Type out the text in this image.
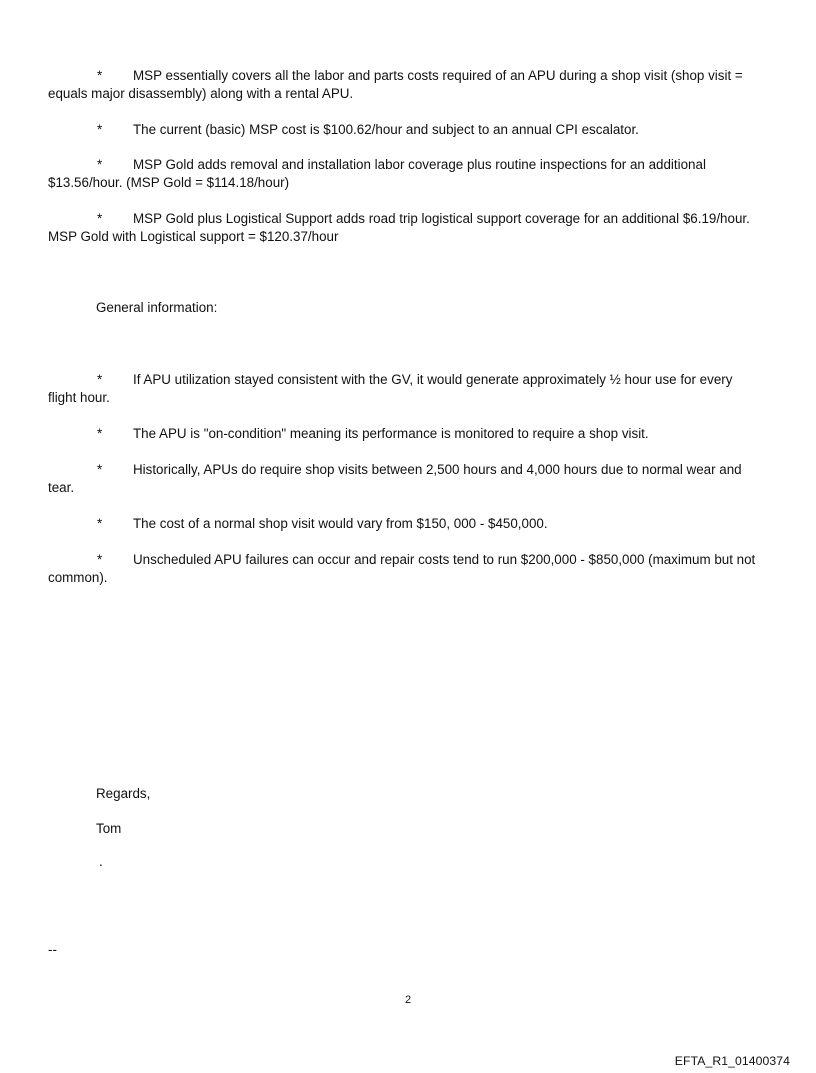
* MSP essentially covers all the labor and parts costs required of an APU during a shop visit (shop visit =
equals major disassembly) along with a rental APU.

* The current (basic) MSP cost is $100.62/hour and subject to an annual CPI escalator.

* MSP Gold adds removal and installation labor coverage plus routine inspections for an additional
$13.56/hour. (MSP Gold = $114.18/hour)

* MSP Gold plus Logistical Support adds road trip logistical support coverage for an additional $6.19/hour.
MSP Gold with Logistical support = $120.37/hour

General information:

* If APU utilization stayed consistent with the GV, it would generate approximately ½ hour use for every
flight hour.

* The APU is "on-condition" meaning its performance is monitored to require a shop visit.

* Historically, APUs do require shop visits between 2,500 hours and 4,000 hours due to normal wear and
tear.

* The cost of a normal shop visit would vary from $150, 000 - $450,000.

* Unscheduled APU failures can occur and repair costs tend to run $200,000 - $850,000 (maximum but not
common).

Regards,

Tom

.

--

2

EFTA_R1_01400374
